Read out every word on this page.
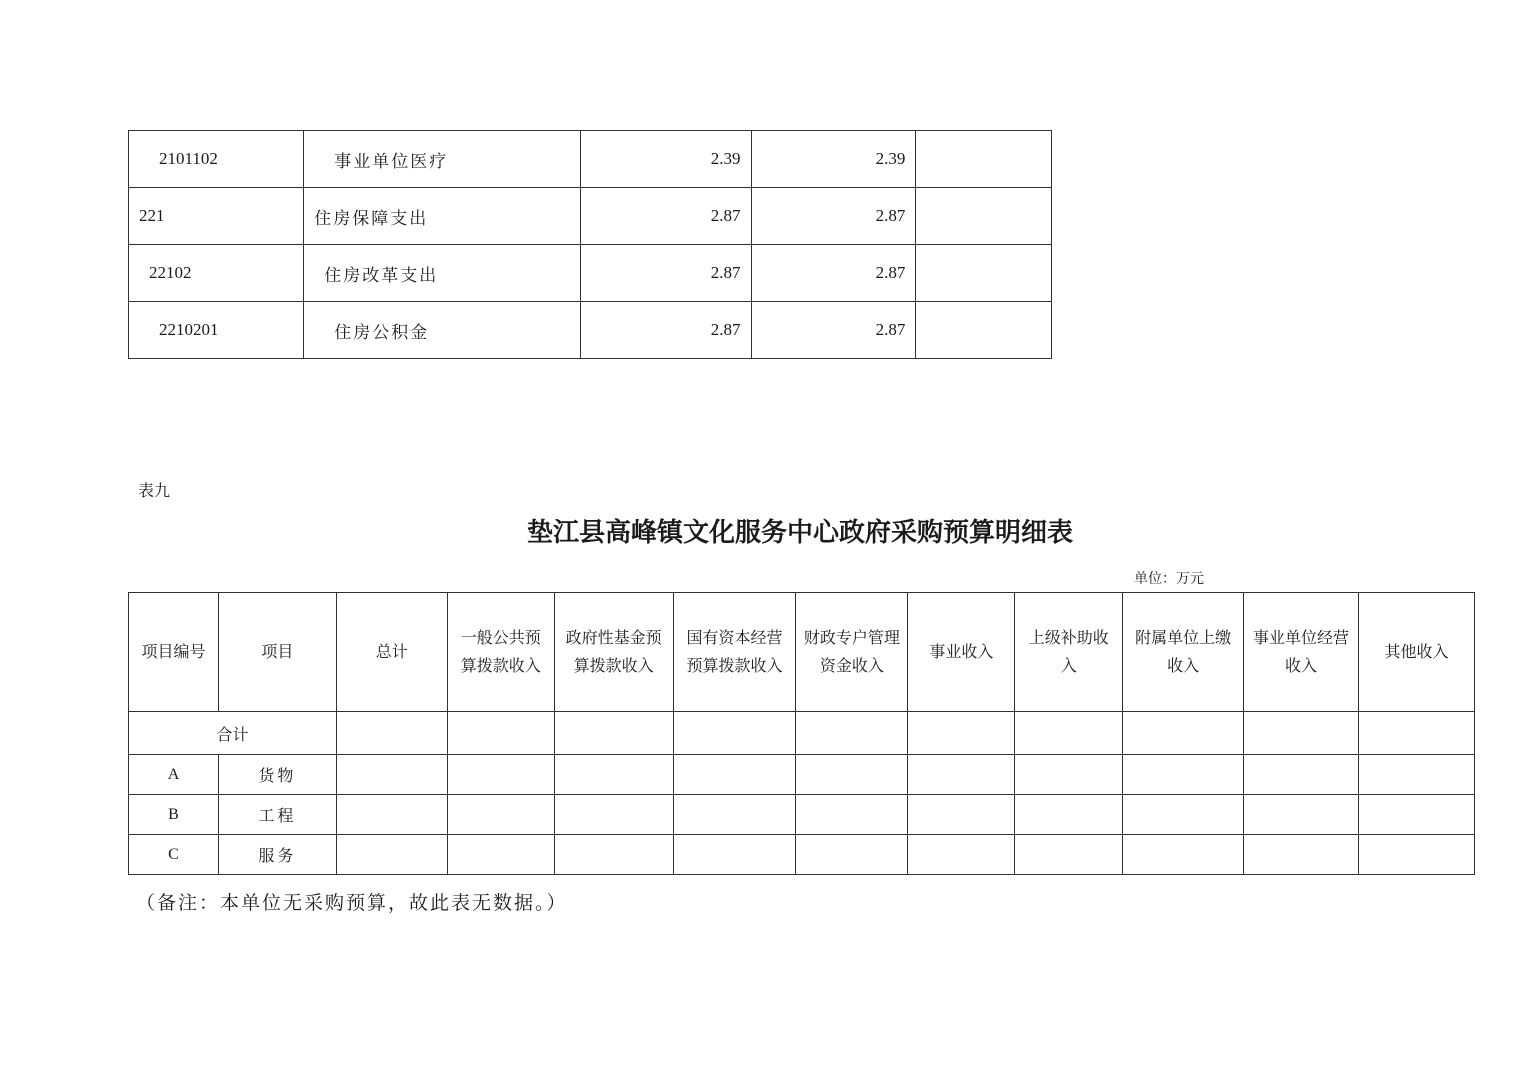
2101102	事业单位医疗	2.39	2.39	
221	住房保障支出	2.87	2.87	
22102	住房改革支出	2.87	2.87	
2210201	住房公积金	2.87	2.87	
表九
垫江县高峰镇文化服务中心政府采购预算明细表
单位：万元
项目编号	项目	总计	一般公共预算拨款收入	政府性基金预算拨款收入	国有资本经营预算拨款收入	财政专户管理资金收入	事业收入	上级补助收入	附属单位上缴收入	事业单位经营收入	其他收入
合计											
A	货物										
B	工程										
C	服务										
（备注：本单位无采购预算，故此表无数据。）
